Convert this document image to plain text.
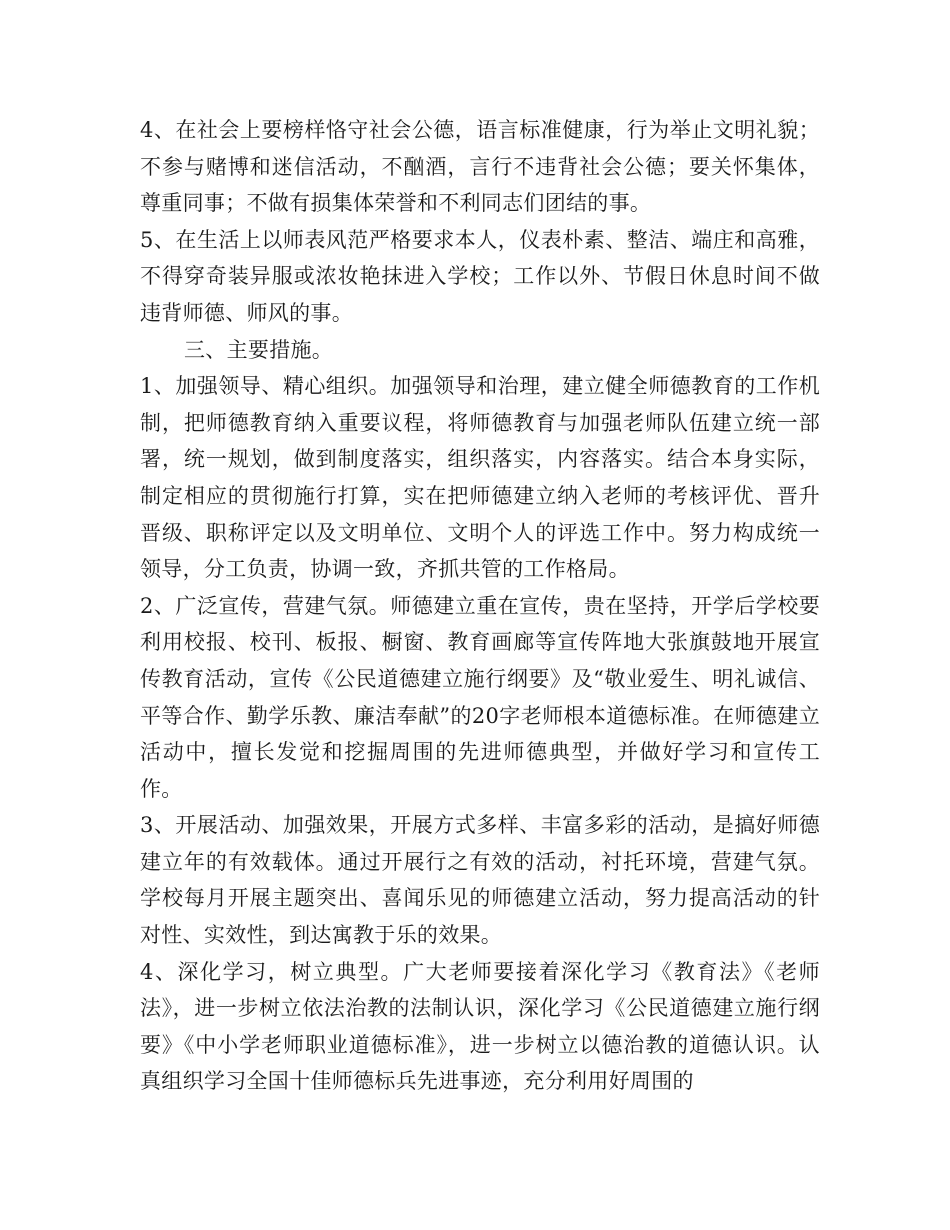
4、在社会上要榜样恪守社会公德，语言标准健康，行为举止文明礼貌；不参与赌博和迷信活动，不酗酒，言行不违背社会公德；要关怀集体，尊重同事；不做有损集体荣誉和不利同志们团结的事。

5、在生活上以师表风范严格要求本人，仪表朴素、整洁、端庄和高雅，不得穿奇装异服或浓妆艳抹进入学校；工作以外、节假日休息时间不做违背师德、师风的事。

三、主要措施。

1、加强领导、精心组织。加强领导和治理，建立健全师德教育的工作机制，把师德教育纳入重要议程，将师德教育与加强老师队伍建立统一部署，统一规划，做到制度落实，组织落实，内容落实。结合本身实际，制定相应的贯彻施行打算，实在把师德建立纳入老师的考核评优、晋升晋级、职称评定以及文明单位、文明个人的评选工作中。努力构成统一领导，分工负责，协调一致，齐抓共管的工作格局。

2、广泛宣传，营建气氛。师德建立重在宣传，贵在坚持，开学后学校要利用校报、校刊、板报、橱窗、教育画廊等宣传阵地大张旗鼓地开展宣传教育活动，宣传《公民道德建立施行纲要》及“敬业爱生、明礼诚信、平等合作、勤学乐教、廉洁奉献”的20字老师根本道德标准。在师德建立活动中，擅长发觉和挖掘周围的先进师德典型，并做好学习和宣传工作。

3、开展活动、加强效果，开展方式多样、丰富多彩的活动，是搞好师德建立年的有效载体。通过开展行之有效的活动，衬托环境，营建气氛。学校每月开展主题突出、喜闻乐见的师德建立活动，努力提高活动的针对性、实效性，到达寓教于乐的效果。

4、深化学习，树立典型。广大老师要接着深化学习《教育法》《老师法》，进一步树立依法治教的法制认识，深化学习《公民道德建立施行纲要》《中小学老师职业道德标准》，进一步树立以德治教的道德认识。认真组织学习全国十佳师德标兵先进事迹，充分利用好周围的
